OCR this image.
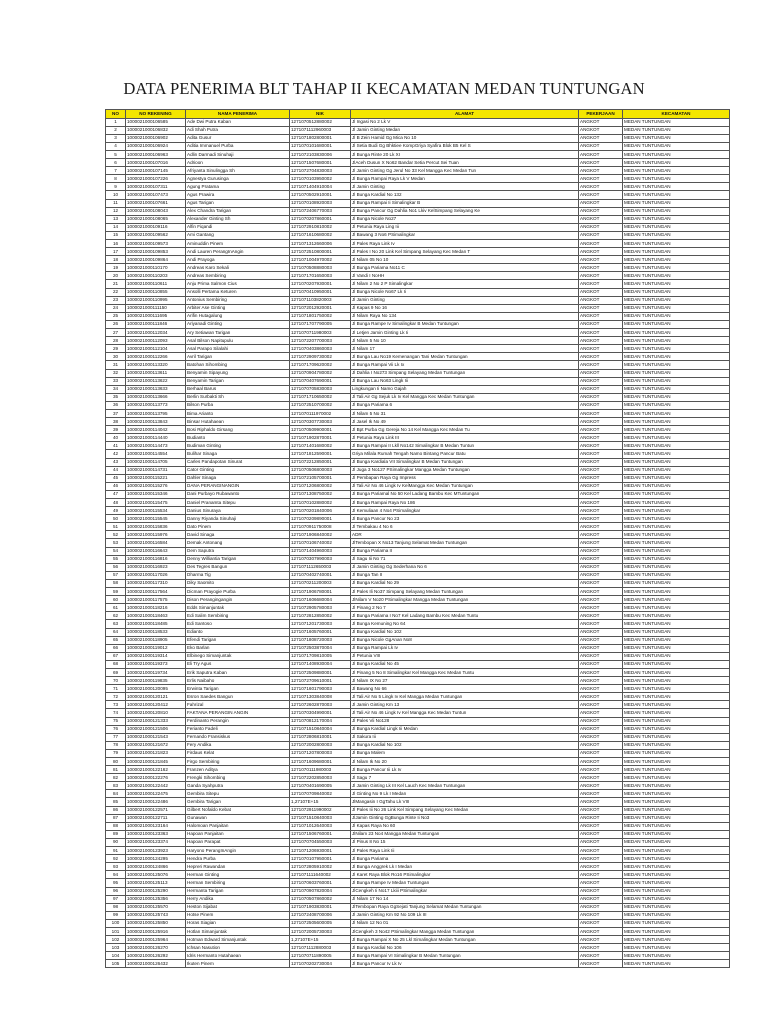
DATA PENERIMA BLT TAHAP II KECAMATAN MEDAN TUNTUNGAN
NO	NO REKENING	NAMA PENERIMA	NIK	ALAMAT	PEKERJAAN	KECAMATAN
1	1000021000106585	Ade Dwi Putra Kaban	1271070512880002	Jl Ingasi No 2 Lk V	ANGKOT	MEDAN TUNTUNGAN
2	1000021000106832	Adi Shah Putra	1271071112960003	Jl Jamin Ginting Medan	ANGKOT	MEDAN TUNTUNGAN
3	1000021000106902	Adita Gusur	1271071802800001	Jl B Zein Hamid Gg Mica No 10	ANGKOT	MEDAN TUNTUNGAN
4	1000021000106924	Aditia Immanuel Purba	1271070101680001	Jl Setia Budi Gg Bhktiee KompGriya Syafira Blok B5 Kel S	ANGKOT	MEDAN TUNTUNGAN
5	1000021000106963	Adlin Darmadi Sinuhaji	1271072103830006	Jl Bunga Rinte 20 Lk XI	ANGKOT	MEDAN TUNTUNGAN
6	1000021000107016	Adrioon	1271071507680001	JlAceh Dusun X No62 Bandar Setia Percut Sei Tuan	ANGKOT	MEDAN TUNTUNGAN
7	1000021000107145	Afriyanta Sinulingga Sh	1271072704830003	Jl Jamin Ginting Gg Jerul No 33 Kel Mangga Kec Medan Tun	ANGKOT	MEDAN TUNTUNGAN
8	1000021000107226	Agnestya Gurusinga	1271070103950002	Jl Bunga Rampai Raya Lk V Medan	ANGKOT	MEDAN TUNTUNGAN
9	1000021000107311	Agung Pratama	1271071404910004	Jl Jamin Ginting	ANGKOT	MEDAN TUNTUNGAN
10	1000021000107473	Agus Prawira	1271070502910001	Jl Bunga Kardial No 132	ANGKOT	MEDAN TUNTUNGAN
11	1000021000107661	Agus Tarigan	1271070108920003	Jl Bunga Rampai Ii Simalingkar B	ANGKOT	MEDAN TUNTUNGAN
12	1000021000108043	Alex Chandra Tarigan	1271072406770003	Jl Bunga Pancur Gg Dahlia No1 Lkiv KelSimpang Selayang Ke	ANGKOT	MEDAN TUNTUNGAN
13	1000021000108065	Alexander Ginting Sh	1271070207860001	Jl Bunga Nicole No27	ANGKOT	MEDAN TUNTUNGAN
14	1000021000109116	Alfin Fiqandi	1271072910810002	Jl Petunia Raya Ling Iii	ANGKOT	MEDAN TUNTUNGAN
15	1000021000109562	Ami Gantang	1271071610680002	Jl Bawang 3 No6 PSimalingkar	ANGKOT	MEDAN TUNTUNGAN
16	1000021000109573	Aminuddin Pinem	1271071312660006	Jl Pales Raya Link Iv	ANGKOT	MEDAN TUNTUNGAN
17	1000021000109853	Andi Lauren PerangInAngin	1271072510800001	Jl Pales I No 20 Link Kel Simpang Selayang Kec Medan T	ANGKOT	MEDAN TUNTUNGAN
18	1000021000109864	Andi Prayoga	1271071004970002	Jl Nilam 05 No 10	ANGKOT	MEDAN TUNTUNGAN
19	1000021000110170	Andreas Karo Sekali	1271070508880003	Jl Bunga Pariama No11 C	ANGKOT	MEDAN TUNTUNGAN
20	1000021000110203	Andreas Sembiring	1271071701650003	Jl Vandi I NoHH	ANGKOT	MEDAN TUNTUNGAN
21	1000021000110611	Anju Prima Salmon Cius	1271070207930001	Jl Nilam 2 No 2 P Simalingkar	ANGKOT	MEDAN TUNTUNGAN
22	1000021000110855	Ansolli Pertama Keturen	1271070410950001	Jl Bunga Nicole No67 Lk Ii	ANGKOT	MEDAN TUNTUNGAN
23	1000021000110995	Antonius Sembiring	1271071103820003	Jl Jamin Ginting	ANGKOT	MEDAN TUNTUNGAN
24	1000021000111150	Arbiter Ase Ginting	1271072012920001	Jl Kapas 9 No 16	ANGKOT	MEDAN TUNTUNGAN
25	1000021000111695	Arifin Hutagalung	1271071801750002	Jl Nilam Raya No 134	ANGKOT	MEDAN TUNTUNGAN
26	1000021000111846	Ariyanadi Ginting	1271071707790005	Jl Bunga Rampe Iv Simalingkar B Medan Tuntungan	ANGKOT	MEDAN TUNTUNGAN
27	1000021000112034	Ary Setiawan Tarigan	1271070711980003	Jl Letjen Jamin Ginting Lk Ii	ANGKOT	MEDAN TUNTUNGAN
28	1000021000112093	Asal Bilson Napitupulu	1271072207700003	Jl Nilam 5 No 10	ANGKOT	MEDAN TUNTUNGAN
29	1000021000112104	Asal Parapo Silalahi	1271070403860003	Jl Nilam 17	ANGKOT	MEDAN TUNTUNGAN
30	1000021000112266	Avril Tarigan	1271072909730002	Jl Bunga Lau No19 Kemenangan Tani Medan Tuntungan	ANGKOT	MEDAN TUNTUNGAN
31	1000021000113320	Batohan Sihombing	1271071709620002	Jl Bunga Rampai Vii Lk Ix	ANGKOT	MEDAN TUNTUNGAN
32	1000021000113611	Benyamin Sipayung	1271070904780002	Jl Dahlia I No273 Simpang Selayang Medan Tuntungan	ANGKOT	MEDAN TUNTUNGAN
33	1000021000113622	Benyamin Tarigan	1271070407690001	Jl Bunga Lau No63 Lingk Iii	ANGKOT	MEDAN TUNTUNGAN
34	1000021000113633	Berhaal Barus	1271070705830003	Lingkungan Ii Namo Gajah	ANGKOT	MEDAN TUNTUNGAN
35	1000021000113666	Berlin Surbakti Sh	1271071710650002	Jl Tali Air Gg Sejuk Lk Iv Kel Mangga Kec Medan Tuntungan	ANGKOT	MEDAN TUNTUNGAN
36	1000021000113773	Bilson Purba	1271072510700002	Jl Bunga Pariama 6	ANGKOT	MEDAN TUNTUNGAN
37	1000021000113795	Bima Arianto	1271070111970002	Jl Nilam 5 No 31	ANGKOT	MEDAN TUNTUNGAN
38	1000021000113843	Binsar Hutahaean	1271070307730003	Jl Jasel Ik No 49	ANGKOT	MEDAN TUNTUNGAN
39	1000021000114042	Bosi Riphaldo Girsang	1271070509900001	Jl Bpt Purba Gg Gereja No 14 Kel Mangga Kec Medan Tu	ANGKOT	MEDAN TUNTUNGAN
40	1000021000114440	Budianto	1271071902870001	Jl Petunia Raya Link III	ANGKOT	MEDAN TUNTUNGAN
41	1000021000114473	Budiman Ginting	1271071401680002	Jl Bunga Rampai II Lkll No142 Simalingkar B Medan Tuntun	ANGKOT	MEDAN TUNTUNGAN
42	1000021000114554	Bulihar Sinaga	1271071812590001	Griya Milala Rumah Tengah Namo Bintang Pancur Batu	ANGKOT	MEDAN TUNTUNGAN
43	1000021000114705	Carles Pandapotan Sinurat	1271072212850001	Jl Bunga Kardiala VII Simalingkar B Medan Tuntungan	ANGKOT	MEDAN TUNTUNGAN
44	1000021000114731	Cator Ginting	1271070506800003	Jl Juga 3 No127 PSimalingkar Mangga Medan Tuntungan	ANGKOT	MEDAN TUNTUNGAN
45	1000021000115221	Dahler Sinaga	1271072105700001	Jl Pembapan Raya Gg Impress	ANGKOT	MEDAN TUNTUNGAN
46	1000021000115276	DANA PERANGINANGIN	1271071206800002	Jl Tali Air No 46 Lingk Iv KelMangga Kec Medan Tuntungan	ANGKOT	MEDAN TUNTUNGAN
47	1000021000115346	Dani Purbayo Rubawanto	1271071308750002	Jl Bunga Pariamal No 50 Kel Ladang Bambu Kec MTuntungan	ANGKOT	MEDAN TUNTUNGAN
48	1000021000115475	Daniel Pranamta Sitepu	1271070102880002	Jl Bunga Rampai Raya No 186	ANGKOT	MEDAN TUNTUNGAN
49	1000021000115534	Danius Sinuraya	1271070201840006	Jl Kemuliaan 4 No4 PSimalingkar	ANGKOT	MEDAN TUNTUNGAN
50	1000021000115545	Danny Riyanda Sinuhaji	1271070209890001	Jl Bunga Pancur No 23	ANGKOT	MEDAN TUNTUNGAN
51	1000021000115836	Dato Pinem	1271070911750008	Jl Tembakau 4 No 6	ANGKOT	MEDAN TUNTUNGAN
52	1000021000115976	David Sinaga	1271071906840002	ADR	ANGKOT	MEDAN TUNTUNGAN
53	1000021000116584	Demak Antonang	1271070106740002	JlTembopan X No13 Tanjung Selamat Medan Tuntungan	ANGKOT	MEDAN TUNTUNGAN
54	1000021000116643	Dem Saputra	1271071404960003	Jl Bunga Pariama II	ANGKOT	MEDAN TUNTUNGAN
55	1000021000116816	Denny Williantia Tarigan	1271070307990003	Jl Sagu Iii No 71	ANGKOT	MEDAN TUNTUNGAN
56	1000021000116923	Des Tegres Bangun	1271071112650003	Jl Jamin Ginting Gg Sederhana No 6	ANGKOT	MEDAN TUNTUNGAN
57	1000021000117026	Dharma Tig	1271070402740001	Jl Bunga Tan II	ANGKOT	MEDAN TUNTUNGAN
58	1000021000117310	Diky Saomito	1271070211200003	Jl Bunga Kardial No 29	ANGKOT	MEDAN TUNTUNGAN
59	1000021000117564	Dicman Prayogie Purba	1271071906780001	Jl Pales Ili No37 Simpang Selayang Medan Tuntungan	ANGKOT	MEDAN TUNTUNGAN
60	1000021000117575	Dison Perangingangin	1271071606680004	JlNilam V No20 PSimalingkar Mangga Medan Tuntungan	ANGKOT	MEDAN TUNTUNGAN
61	1000021000118216	Edds Simanjuntak	1271072905780003	Jl Pinang 2 No 7	ANGKOT	MEDAN TUNTUNGAN
62	1000021000118463	Edi Salim Sembiring	1271072812850002	Jl Bunga Pariama I No7 Kel Ladang Bambu Kec Medan Tuntu	ANGKOT	MEDAN TUNTUNGAN
63	1000021000118485	Edi Santoso	1271071201730003	Jl Bunga Kemuning No 64	ANGKOT	MEDAN TUNTUNGAN
64	1000021000118533	Edianto	1271071605760001	Jl Bunga Kardial No 102	ANGKOT	MEDAN TUNTUNGAN
65	1000021000118905	Efendi Tarigan	1271071808720003	Jl Bunga Nicole GgAnan No8	ANGKOT	MEDAN TUNTUNGAN
66	1000021000119012	Eko Barlan	1271072503870004	Jl Bunga Rampai Lk Iv	ANGKOT	MEDAN TUNTUNGAN
67	1000021000119314	Elbinego Simanjuntak	1271071709810005	Jl Petunia VIII	ANGKOT	MEDAN TUNTUNGAN
68	1000021000119373	Eli Try Agus	1271071408930004	Jl Bunga Kardial No 45	ANGKOT	MEDAN TUNTUNGAN
69	1000021000119734	Erik Saputra Kaban	1271072509880001	Jl Pinang 5 No 8 Simalingkar Kel Mangga Kec Medan Tuntu	ANGKOT	MEDAN TUNTUNGAN
70	1000021000119835	Erlis Naibaho	1271072709610001	Jl Nilam IX No 27	ANGKOT	MEDAN TUNTUNGAN
71	1000021000120095	Erwinta Tarigan	1271071601790003	Jl Bawang No 66	ANGKOT	MEDAN TUNTUNGAN
72	1000021000120121	Esron Saedes Bangun	1271071303840008	Jl Tali Air No 5 Lingk Iv Kel Mangga Medan Tuntungan	ANGKOT	MEDAN TUNTUNGAN
73	1000021000120412	Fahrizal	1271072602870003	Jl Jamin Ginting Km 13	ANGKOT	MEDAN TUNTUNGAN
74	1000021000120810	FAKTANA PERANGIN ANGIN	1271070304990001	Jl Tali Air No 46 Lingk Iv Kel Mangga Kec Medan Tuntun	ANGKOT	MEDAN TUNTUNGAN
75	1000021000121333	Ferdinanto Perangin	1271070812170004	Jl Pales Vii No128	ANGKOT	MEDAN TUNTUNGAN
76	1000021000121506	Ferianto Fadeli	1271071510840004	Jl Bunga Kardial Lingk Iii Medan	ANGKOT	MEDAN TUNTUNGAN
77	1000021000121543	Fernando Fransiskus	1271072806810001	Jl Sakura Iii	ANGKOT	MEDAN TUNTUNGAN
78	1000021000121672	Fery Andika	1271072002800003	Jl Bunga Kardial No 102	ANGKOT	MEDAN TUNTUNGAN
79	1000021000121823	Firdaus Kelat	1271071207800003	Jl Bunga Malem	ANGKOT	MEDAN TUNTUNGAN
80	1000021000121845	Firgo Sembiring	1271071609680001	Jl Nilam Ik No 20	ANGKOT	MEDAN TUNTUNGAN
81	1000021000122162	Franzen Aditya	1271070111980003	Jl Bunga Pancur Iii Lk Iv	ANGKOT	MEDAN TUNTUNGAN
82	1000021000122276	Frengki Sihombing	1271072202850003	Jl Sagu 7	ANGKOT	MEDAN TUNTUNGAN
83	1000021000122442	Ganda Syahputra	1271070401690005	Jl Jamin Ginting Lk III Kel Lauch Kec Medan Tuntungan	ANGKOT	MEDAN TUNTUNGAN
84	1000021000122475	Gembira Sitepu	1271070709840002	Jl Ginting No 9 Lk I Medan	ANGKOT	MEDAN TUNTUNGAN
85	1000021000122486	Gembira Tarigan	1,27107E+15	JlMangasin I GgTahu Lk VIII	ANGKOT	MEDAN TUNTUNGAN
86	1000021000122571	Gilbert Nofaldo Kebat	1271072911990002	Jl Pales Iii No 26 Link Kel Simpang Selayang Kec Medan	ANGKOT	MEDAN TUNTUNGAN
87	1000021000122711	Gunawan	1271071510840003	JlJamin Ginting GgBunga Rinte Ii No3	ANGKOT	MEDAN TUNTUNGAN
88	1000021000123164	Halomoan Panjaitan	1271071012640003	Jl Kapas Raya No 60	ANGKOT	MEDAN TUNTUNGAN
89	1000021000123363	Hapoan Panjaitan	1271071506760001	JlNilam 23 No4 Mangga Medan Tuntungan	ANGKOT	MEDAN TUNTUNGAN
90	1000021000123374	Hapoan Parapat	1271070704550003	Jl Pinus 8 No 15	ANGKOT	MEDAN TUNTUNGAN
91	1000021000123923	Haryono PerangInAngin	1271071206930001	Jl Pales Raya Link Iii	ANGKOT	MEDAN TUNTUNGAN
92	1000021000124295	Hendra Purba	1271070107950001	Jl Bunga Pariama	ANGKOT	MEDAN TUNTUNGAN
93	1000021000124866	Hepreri Rawandan	1271072805910002	Jl Bunga Anggrek Lk I Medan	ANGKOT	MEDAN TUNTUNGAN
94	1000021000125076	Herman Ginting	1271071111640002	Jl Karet Raya Blok Ro16 PSimalingkar	ANGKOT	MEDAN TUNTUNGAN
95	1000021000125113	Herman Sembiring	1271070603760001	Jl Bunga Rampe Iv Medan Tuntungan	ANGKOT	MEDAN TUNTUNGAN
96	1000021000125290	Hermanta Tarigan	1271070907820004	JlCengkeh Ii No17 Lkiii PSimalingkar	ANGKOT	MEDAN TUNTUNGAN
97	1000021000125356	Herry Andika	1271070507860002	Jl Nilam 17 No 14	ANGKOT	MEDAN TUNTUNGAN
98	1000021000125570	Heston Sijabat	1271071903830001	JlTembopan Raya GgSejati Tanjung Selamat Medan Tuntungan	ANGKOT	MEDAN TUNTUNGAN
99	1000021000125743	Hotse Pinem	1271072408700006	Jl Jamin Ginting Km 92 No 109 Lk III	ANGKOT	MEDAN TUNTUNGAN
100	1000021000125850	Horas Siagian	1271072505600005	Jl Nilam 12 No 01	ANGKOT	MEDAN TUNTUNGAN
101	1000021000125916	Hotlan Simanjuntak	1271072005730003	JlCengkeh 3 No42 PSimalingkar Mangga Medan Tuntungan	ANGKOT	MEDAN TUNTUNGAN
102	1000021000125964	Hotman Edward Simanjuntak	1,27107E+15	Jl Bunga Rampai X No 25 Lkl Simalingkar Medan Tuntungan	ANGKOT	MEDAN TUNTUNGAN
103	1000021000126270	Ichsan Nasution	1271071112880003	Jl Bunga Kardial No 106	ANGKOT	MEDAN TUNTUNGAN
104	1000021000126292	Idris Hermanto Hutahaean	1271070711890005	Jl Bunga Rampai VI Simalingkar B Medan Tuntungan	ANGKOT	MEDAN TUNTUNGAN
105	1000021000126432	Ikuten Pinem	1271070202730004	Jl Bunga Pancur Iv Lk Iv	ANGKOT	MEDAN TUNTUNGAN
